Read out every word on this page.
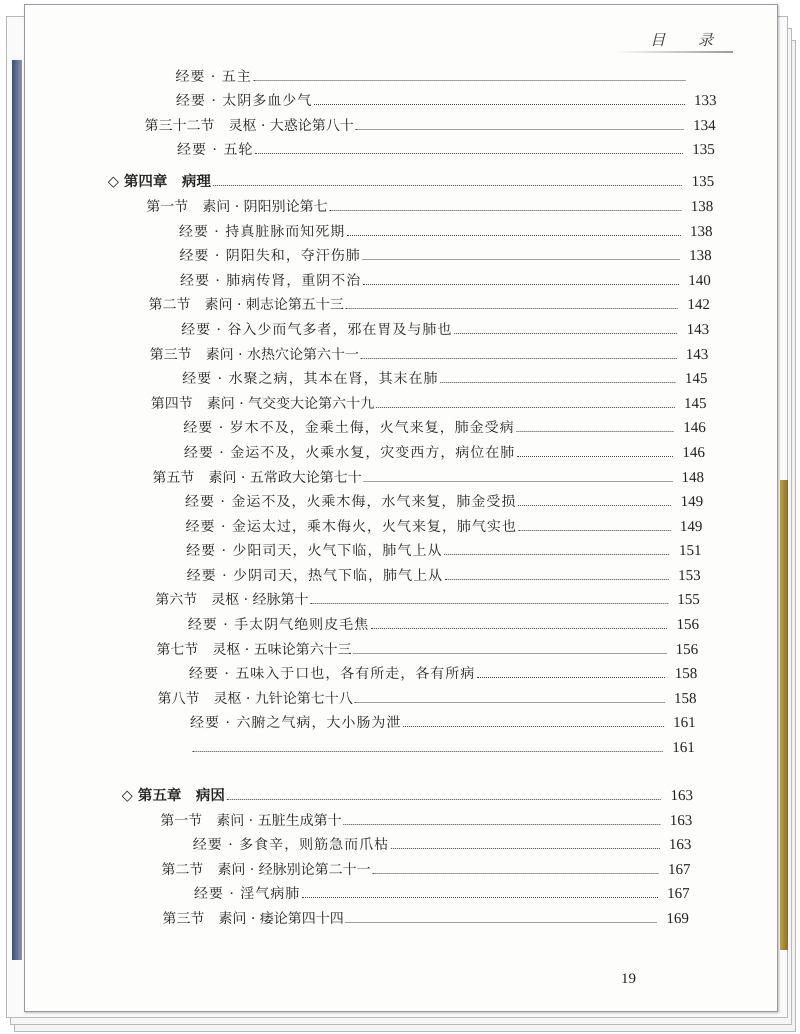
目 录
经要 · 五主
经要 · 太阴多血少气	133
第三十二节　灵枢 · 大惑论第八十	134
经要 · 五轮	135
◇ 第四章　病理	135
第一节　素问 · 阴阳别论第七	138
经要 · 持真脏脉而知死期	138
经要 · 阴阳失和，夺汗伤肺	138
经要 · 肺病传肾，重阴不治	140
第二节　素问 · 刺志论第五十三	142
经要 · 谷入少而气多者，邪在胃及与肺也	143
第三节　素问 · 水热穴论第六十一	143
经要 · 水聚之病，其本在肾，其末在肺	145
第四节　素问 · 气交变大论第六十九	145
经要 · 岁木不及，金乘土侮，火气来复，肺金受病	146
经要 · 金运不及，火乘水复，灾变西方，病位在肺	146
第五节　素问 · 五常政大论第七十	148
经要 · 金运不及，火乘木侮，水气来复，肺金受损	149
经要 · 金运太过，乘木侮火，火气来复，肺气实也	149
经要 · 少阳司天，火气下临，肺气上从	151
经要 · 少阴司天，热气下临，肺气上从	153
第六节　灵枢 · 经脉第十	155
经要 · 手太阴气绝则皮毛焦	156
第七节　灵枢 · 五味论第六十三	156
经要 · 五味入于口也，各有所走，各有所病	158
第八节　灵枢 · 九针论第七十八	158
经要 · 六腑之气病，大小肠为泄	161
161
◇ 第五章　病因	163
第一节　素问 · 五脏生成第十	163
经要 · 多食辛，则筋急而爪枯	163
第二节　素问 · 经脉别论第二十一	167
经要 · 淫气病肺	167
第三节　素问 · 痿论第四十四	169
19
